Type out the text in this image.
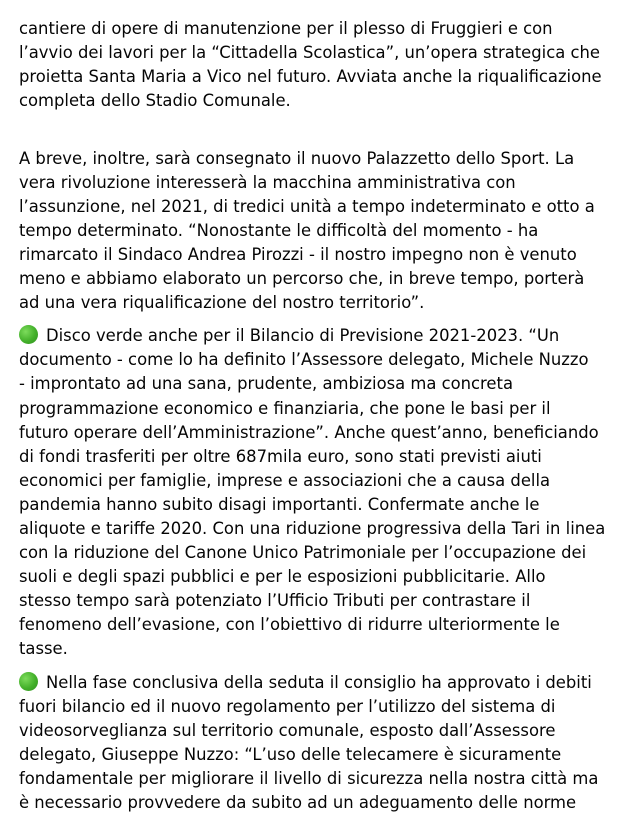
cantiere di opere di manutenzione per il plesso di Fruggieri e con
l’avvio dei lavori per la “Cittadella Scolastica”, un’opera strategica che
proietta Santa Maria a Vico nel futuro. Avviata anche la riqualificazione
completa dello Stadio Comunale.

A breve, inoltre, sarà consegnato il nuovo Palazzetto dello Sport. La
vera rivoluzione interesserà la macchina amministrativa con
l’assunzione, nel 2021, di tredici unità a tempo indeterminato e otto a
tempo determinato. “Nonostante le difficoltà del momento - ha
rimarcato il Sindaco Andrea Pirozzi - il nostro impegno non è venuto
meno e abbiamo elaborato un percorso che, in breve tempo, porterà
ad una vera riqualificazione del nostro territorio”.

Disco verde anche per il Bilancio di Previsione 2021-2023. “Un
documento - come lo ha definito l’Assessore delegato, Michele Nuzzo
- improntato ad una sana, prudente, ambiziosa ma concreta
programmazione economico e finanziaria, che pone le basi per il
futuro operare dell’Amministrazione”. Anche quest’anno, beneficiando
di fondi trasferiti per oltre 687mila euro, sono stati previsti aiuti
economici per famiglie, imprese e associazioni che a causa della
pandemia hanno subito disagi importanti. Confermate anche le
aliquote e tariffe 2020. Con una riduzione progressiva della Tari in linea
con la riduzione del Canone Unico Patrimoniale per l’occupazione dei
suoli e degli spazi pubblici e per le esposizioni pubblicitarie. Allo
stesso tempo sarà potenziato l’Ufficio Tributi per contrastare il
fenomeno dell’evasione, con l’obiettivo di ridurre ulteriormente le
tasse.

Nella fase conclusiva della seduta il consiglio ha approvato i debiti
fuori bilancio ed il nuovo regolamento per l’utilizzo del sistema di
videosorveglianza sul territorio comunale, esposto dall’Assessore
delegato, Giuseppe Nuzzo: “L’uso delle telecamere è sicuramente
fondamentale per migliorare il livello di sicurezza nella nostra città ma
è necessario provvedere da subito ad un adeguamento delle norme
